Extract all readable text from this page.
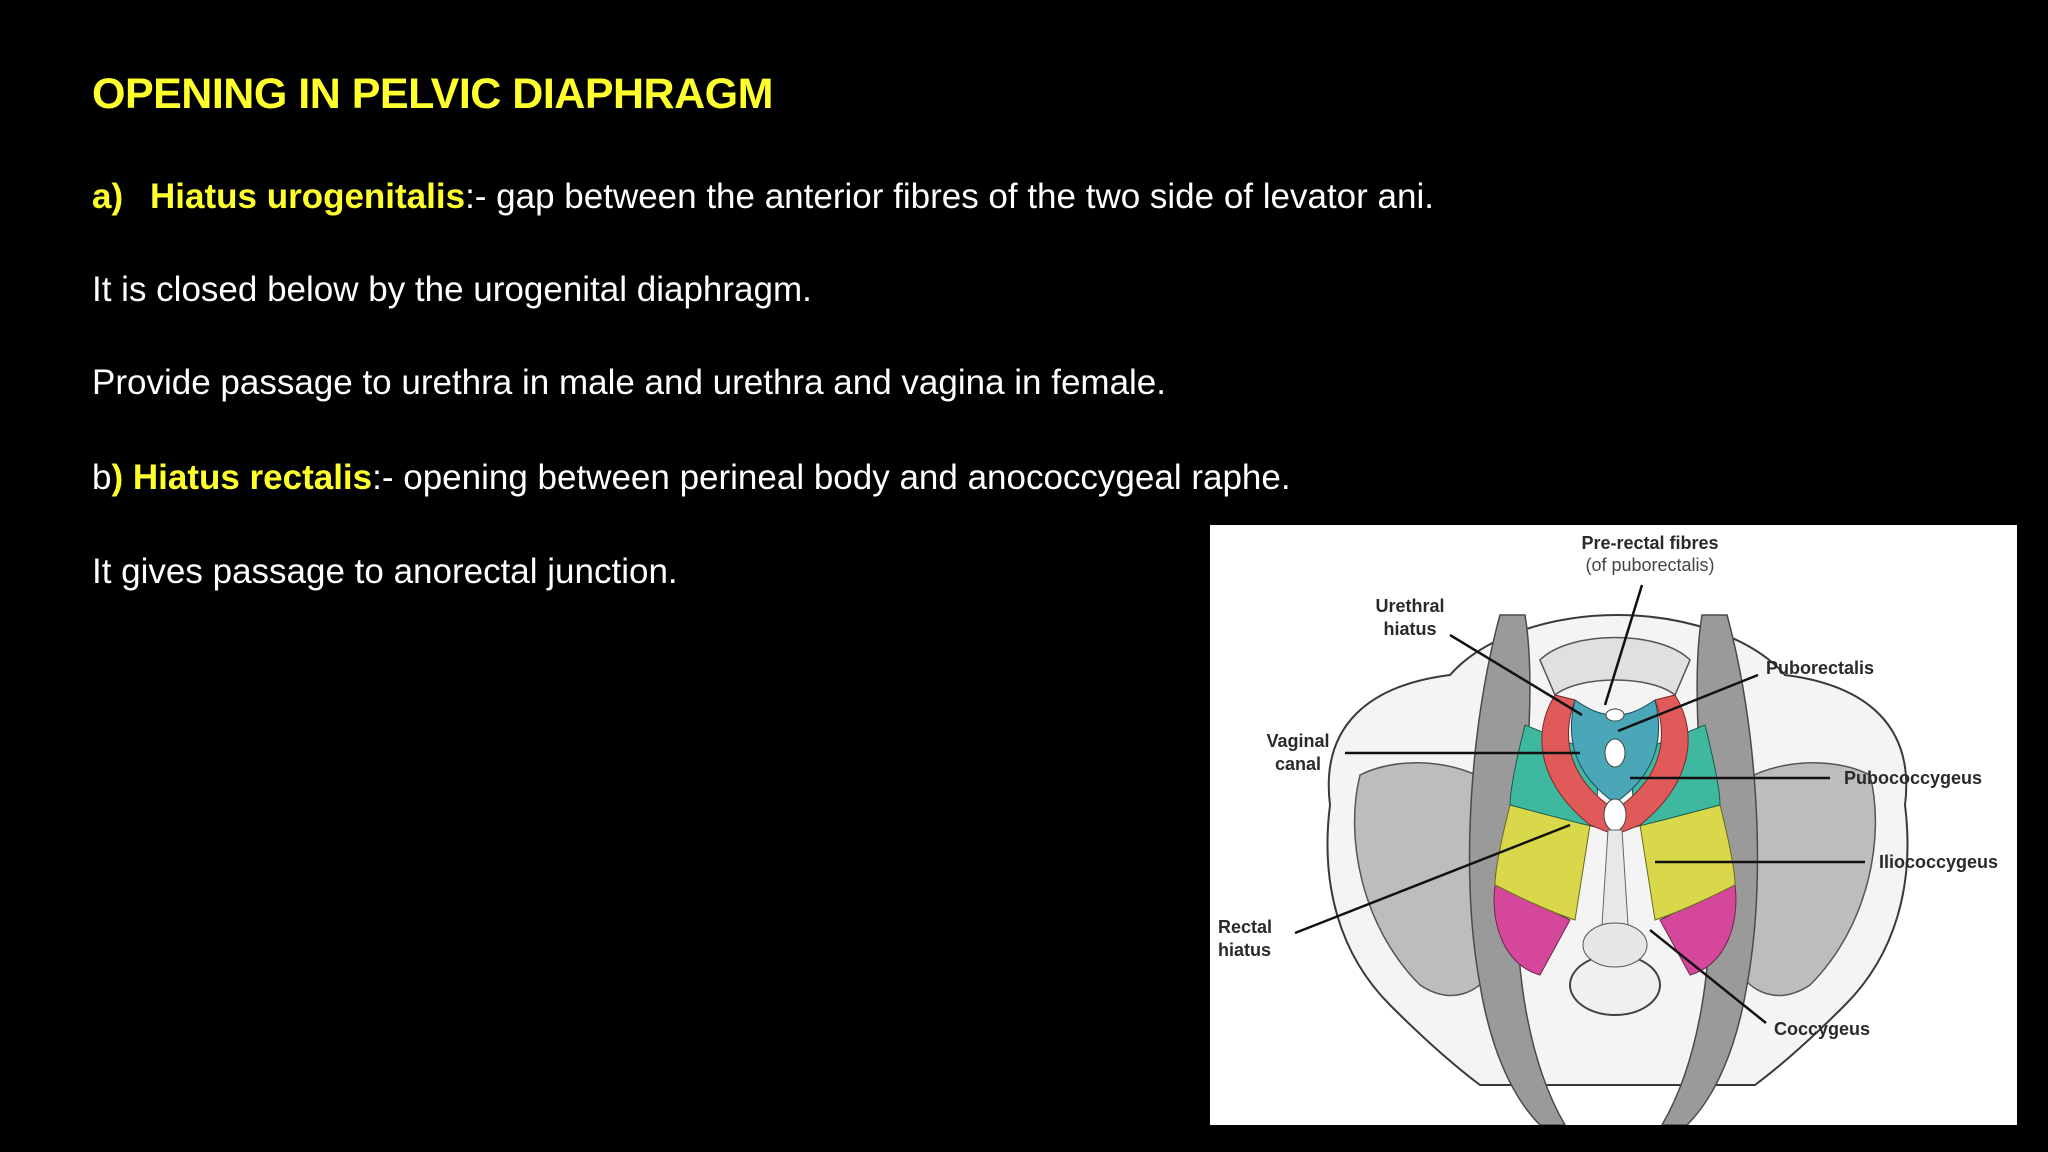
OPENING IN PELVIC DIAPHRAGM

a) Hiatus urogenitalis:- gap between the anterior fibres of the two side of levator ani.

It is closed below by the urogenital diaphragm.

Provide passage to urethra in male and urethra and vagina in female.

b) Hiatus rectalis:- opening between perineal body and anococcygeal raphe.

It gives passage to anorectal junction.

Pre-rectal fibres
(of puborectalis)
Urethral
hiatus
Vaginal
canal
Rectal
hiatus
Puborectalis
Pubococcygeus
Iliococcygeus
Coccygeus
